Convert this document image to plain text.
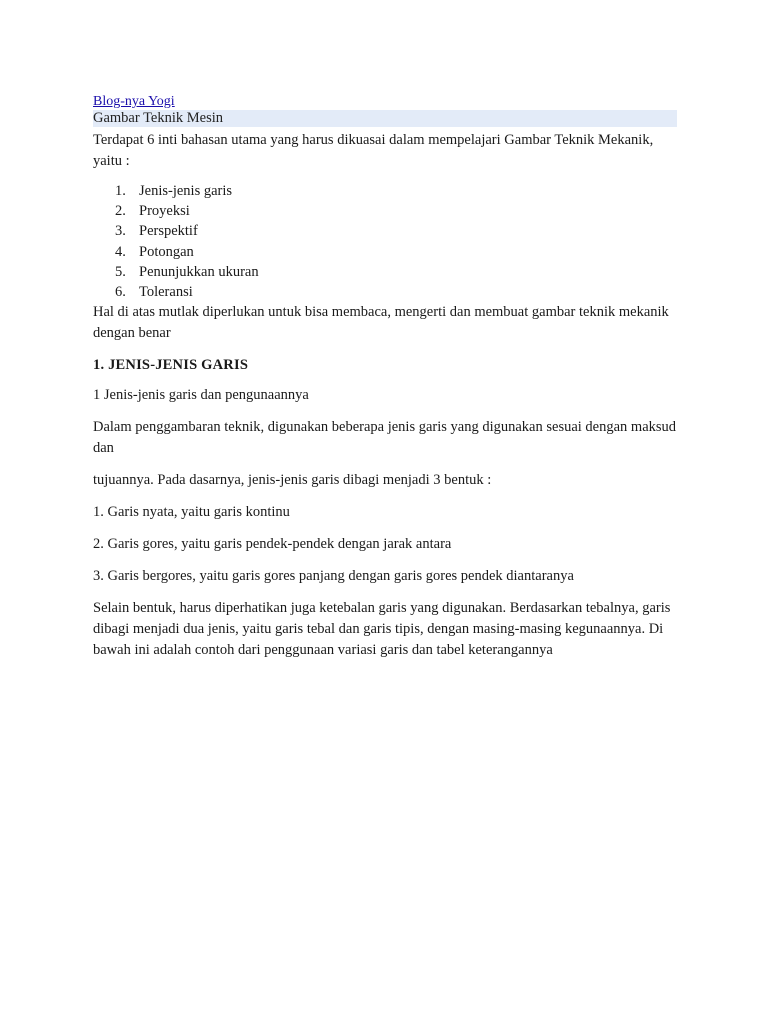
Blog-nya Yogi
Gambar Teknik Mesin

Terdapat 6 inti bahasan utama yang harus dikuasai dalam mempelajari Gambar Teknik Mekanik, yaitu :

1. Jenis-jenis garis
2. Proyeksi
3. Perspektif
4. Potongan
5. Penunjukkan ukuran
6. Toleransi

Hal di atas mutlak diperlukan untuk bisa membaca, mengerti dan membuat gambar teknik mekanik dengan benar

1. JENIS-JENIS GARIS

1 Jenis-jenis garis dan pengunaannya

Dalam penggambaran teknik, digunakan beberapa jenis garis yang digunakan sesuai dengan maksud dan

tujuannya. Pada dasarnya, jenis-jenis garis dibagi menjadi 3 bentuk :

1. Garis nyata, yaitu garis kontinu

2. Garis gores, yaitu garis pendek-pendek dengan jarak antara

3. Garis bergores, yaitu garis gores panjang dengan garis gores pendek diantaranya

Selain bentuk, harus diperhatikan juga ketebalan garis yang digunakan. Berdasarkan tebalnya, garis dibagi menjadi dua jenis, yaitu garis tebal dan garis tipis, dengan masing-masing kegunaannya. Di bawah ini adalah contoh dari penggunaan variasi garis dan tabel keterangannya
